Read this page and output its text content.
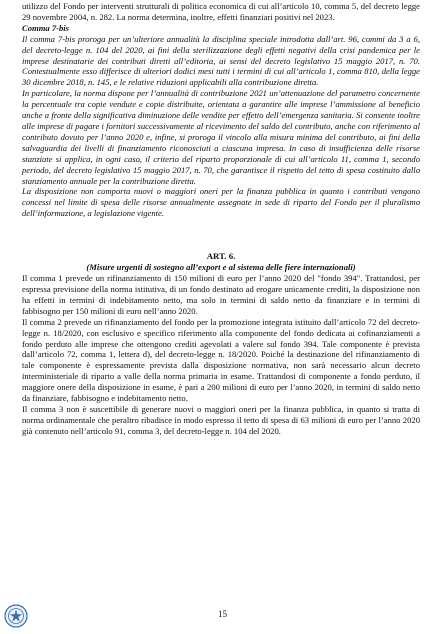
utilizzo del Fondo per interventi strutturali di politica economica di cui all’articolo 10, comma 5, del decreto legge 29 novembre 2004, n. 282. La norma determina, inoltre, effetti finanziari positivi nel 2023.

Comma 7-bis

Il comma 7-bis proroga per un’ulteriore annualità la disciplina speciale introdotta dall’art. 96, commi da 3 a 6, del decreto-legge n. 104 del 2020, ai fini della sterilizzazione degli effetti negativi della crisi pandemica per le imprese destinatarie dei contributi diretti all’editoria, ai sensi del decreto legislativo 15 maggio 2017, n. 70. Contestualmente esso differisce di ulteriori dodici mesi tutti i termini di cui all’articolo 1, comma 810, della legge 30 dicembre 2018, n. 145, e le relative riduzioni applicabili alla contribuzione diretta.

In particolare, la norma dispone per l’annualità di contribuzione 2021 un’attenuazione del parametro concernente la percentuale tra copie vendute e copie distribuite, orientata a garantire alle imprese l’ammissione al beneficio anche a fronte della significativa diminuzione delle vendite per effetto dell’emergenza sanitaria. Si consente inoltre alle imprese di pagare i fornitori successivamente al ricevimento del saldo del contributo, anche con riferimento al contributo dovuto per l’anno 2020 e, infine, si proroga il vincolo alla misura minima del contributo, ai fini della salvaguardia dei livelli di finanziamento riconosciuti a ciascuna impresa. In caso di insufficienza delle risorse stanziate si applica, in ogni caso, il criterio del riparto proporzionale di cui all’articolo 11, comma 1, secondo periodo, del decreto legislativo 15 maggio 2017, n. 70, che garantisce il rispetto del tetto di spesa costituito dallo stanziamento annuale per la contribuzione diretta.

La disposizione non comporta nuovi o maggiori oneri per la finanza pubblica in quanto i contributi vengono concessi nel limite di spesa delle risorse annualmente assegnate in sede di riparto del Fondo per il pluralismo dell’informazione, a legislazione vigente.

ART. 6.

(Misure urgenti di sostegno all’export e al sistema delle fiere internazionali)

Il comma 1 prevede un rifinanziamento di 150 milioni di euro per l’anno 2020 del "fondo 394". Trattandosi, per espressa previsione della norma istitutiva, di un fondo destinato ad erogare unicamente crediti, la disposizione non ha effetti in termini di indebitamento netto, ma solo in termini di saldo netto da finanziare e in termini di fabbisogno per 150 milioni di euro nell’anno 2020.

Il comma 2 prevede un rifinanziamento del fondo per la promozione integrata istituito dall’articolo 72 del decreto-legge n. 18/2020, con esclusivo e specifico riferimento alla componente del fondo dedicata ai cofinanziamenti a fondo perduto alle imprese che ottengono crediti agevolati a valere sul fondo 394. Tale componente è prevista dall’articolo 72, comma 1, lettera d), del decreto-legge n. 18/2020. Poiché la destinazione del rifinanziamento di tale componente è espressamente prevista dalla disposizione normativa, non sarà necessario alcun decreto interministeriale di riparto a valle della norma primaria in esame. Trattandosi di componente a fondo perduto, il maggiore onere della disposizione in esame, è pari a 200 milioni di euro per l’anno 2020, in termini di saldo netto da finanziare, fabbisogno e indebitamento netto.

Il comma 3 non è suscettibile di generare nuovi o maggiori oneri per la finanza pubblica, in quanto si tratta di norma ordinamentale che peraltro ribadisce in modo espresso il tetto di spesa di 63 milioni di euro per l’anno 2020 già contenuto nell’articolo 91, comma 3, del decreto-legge n. 104 del 2020.

15
